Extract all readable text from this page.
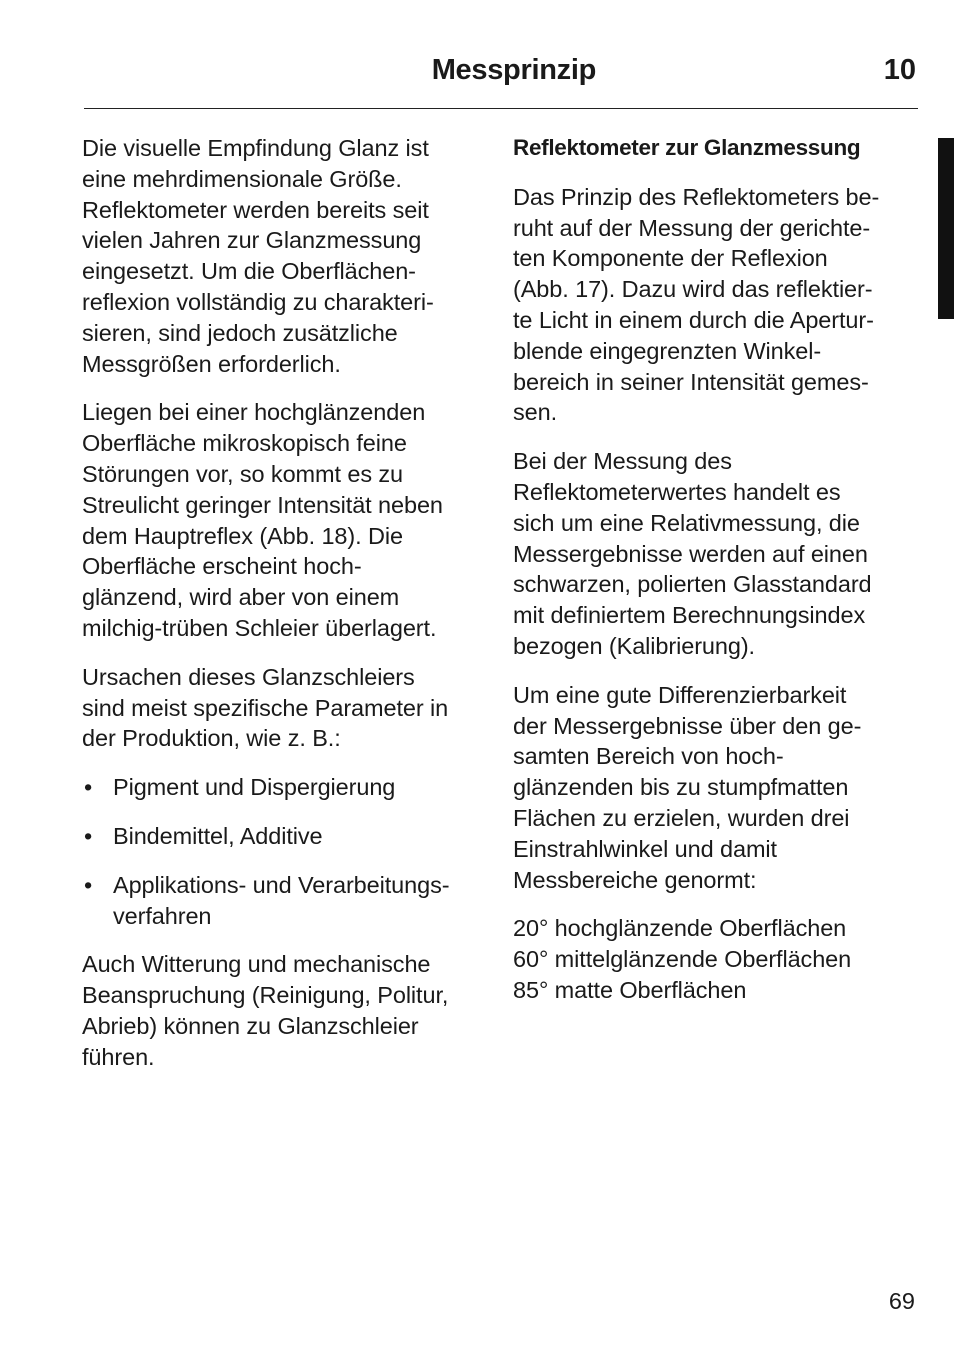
Messprinzip	10

Die visuelle Empfindung Glanz ist
eine mehrdimensionale Größe.
Reflektometer werden bereits seit
vielen Jahren zur Glanzmessung
eingesetzt. Um die Oberflächen-
reflexion vollständig zu charakteri-
sieren, sind jedoch zusätzliche
Messgrößen erforderlich.

Liegen bei einer hochglänzenden
Oberfläche mikroskopisch feine
Störungen vor, so kommt es zu
Streulicht geringer Intensität neben
dem Hauptreflex (Abb. 18). Die
Oberfläche erscheint hoch-
glänzend, wird aber von einem
milchig-trüben Schleier überlagert.

Ursachen dieses Glanzschleiers
sind meist spezifische Parameter in
der Produktion, wie z. B.:

• Pigment und Dispergierung
• Bindemittel, Additive
• Applikations- und Verarbeitungs-
verfahren

Auch Witterung und mechanische
Beanspruchung (Reinigung, Politur,
Abrieb) können zu Glanzschleier
führen.

Reflektometer zur Glanzmessung

Das Prinzip des Reflektometers be-
ruht auf der Messung der gerichte-
ten Komponente der Reflexion
(Abb. 17). Dazu wird das reflektier-
te Licht in einem durch die Apertur-
blende eingegrenzten Winkel-
bereich in seiner Intensität gemes-
sen.

Bei der Messung des
Reflektometerwertes handelt es
sich um eine Relativmessung, die
Messergebnisse werden auf einen
schwarzen, polierten Glasstandard
mit definiertem Berechnungsindex
bezogen (Kalibrierung).

Um eine gute Differenzierbarkeit
der Messergebnisse über den ge-
samten Bereich von hoch-
glänzenden bis zu stumpfmatten
Flächen zu erzielen, wurden drei
Einstrahlwinkel und damit
Messbereiche genormt:

20° hochglänzende Oberflächen
60° mittelglänzende Oberflächen
85° matte Oberflächen

69
